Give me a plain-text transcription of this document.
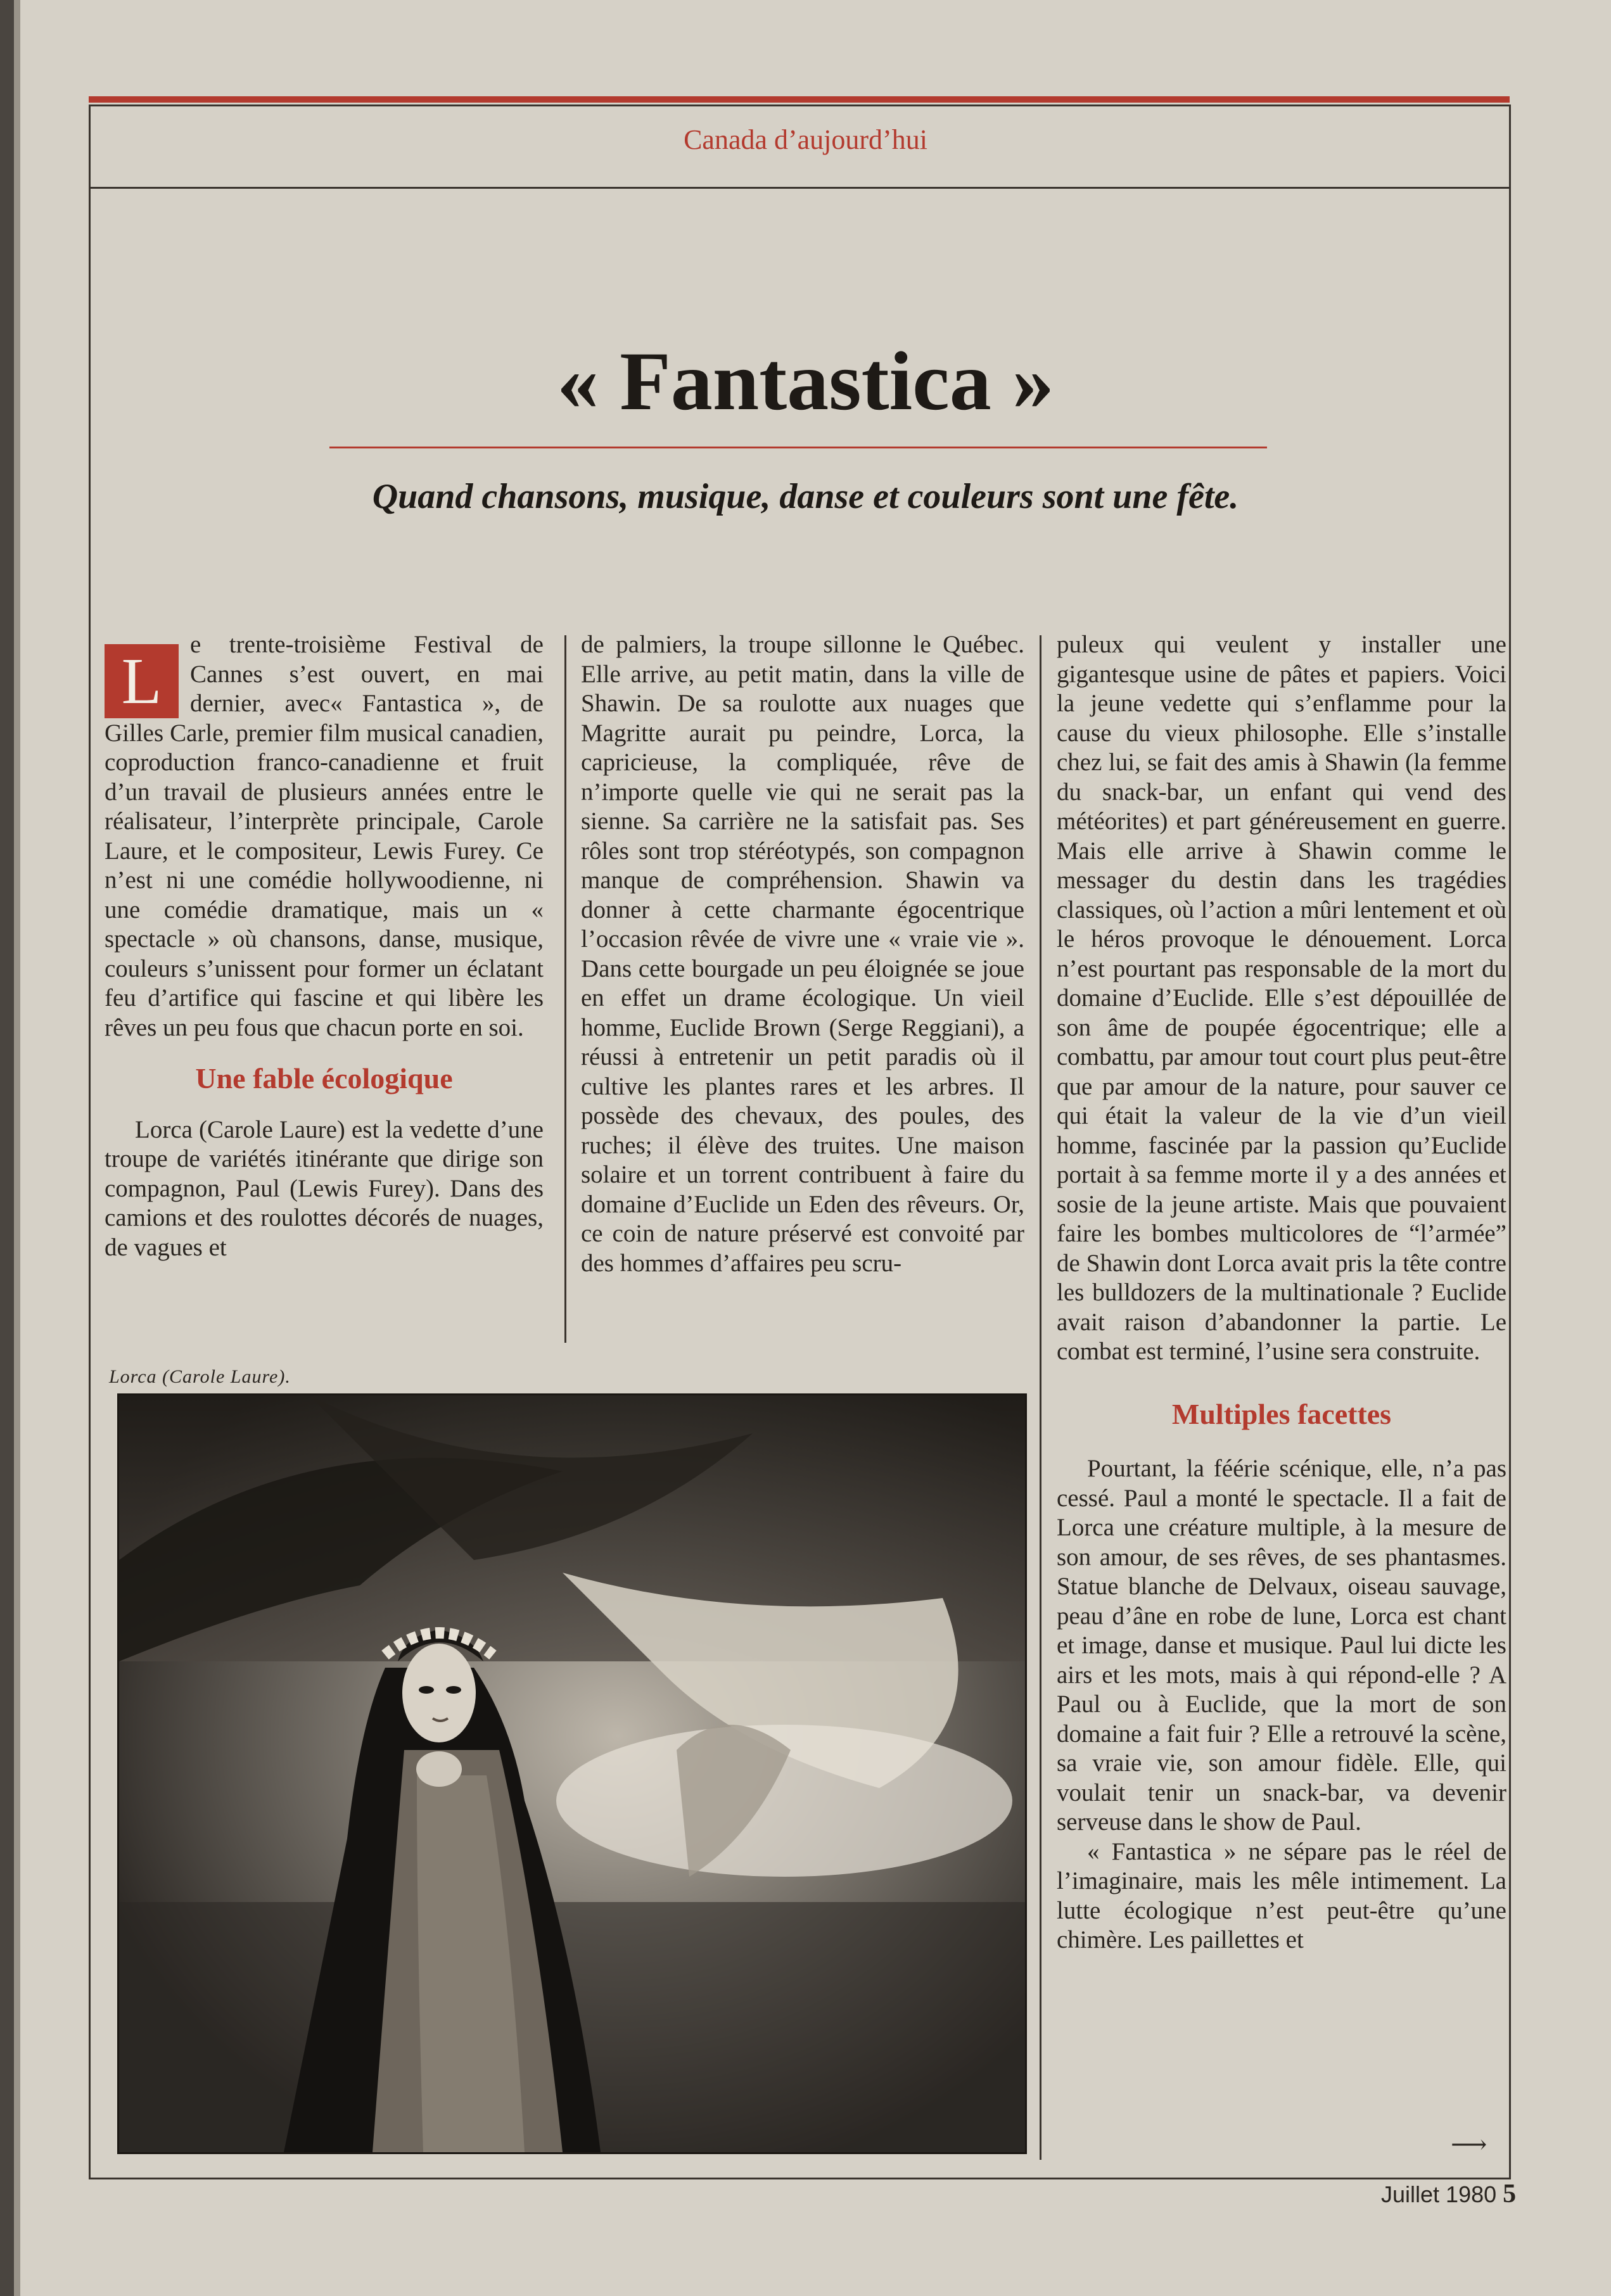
Canada d’aujourd’hui
« Fantastica »
Quand chansons, musique, danse et couleurs sont une fête.

L
e trente-troisième Festival de Cannes s’est ouvert, en mai dernier, avec« Fantastica », de Gilles Carle, premier film musical canadien, coproduction franco-canadienne et fruit d’un travail de plusieurs années entre le réalisateur, l’interprète principale, Carole Laure, et le compositeur, Lewis Furey. Ce n’est ni une comédie hollywoodienne, ni une comédie dramatique, mais un « spectacle » où chansons, danse, musique, couleurs s’unissent pour former un éclatant feu d’artifice qui fascine et qui libère les rêves un peu fous que chacun porte en soi.

Une fable écologique

Lorca (Carole Laure) est la vedette d’une troupe de variétés itinérante que dirige son compagnon, Paul (Lewis Furey). Dans des camions et des roulottes décorés de nuages, de vagues et

de palmiers, la troupe sillonne le Québec. Elle arrive, au petit matin, dans la ville de Shawin. De sa roulotte aux nuages que Magritte aurait pu peindre, Lorca, la capricieuse, la compliquée, rêve de n’importe quelle vie qui ne serait pas la sienne. Sa carrière ne la satisfait pas. Ses rôles sont trop stéréotypés, son compagnon manque de compréhension. Shawin va donner à cette charmante égocentrique l’occasion rêvée de vivre une « vraie vie ». Dans cette bourgade un peu éloignée se joue en effet un drame écologique. Un vieil homme, Euclide Brown (Serge Reggiani), a réussi à entretenir un petit paradis où il cultive les plantes rares et les arbres. Il possède des chevaux, des poules, des ruches; il élève des truites. Une maison solaire et un torrent contribuent à faire du domaine d’Euclide un Eden des rêveurs. Or, ce coin de nature préservé est convoité par des hommes d’affaires peu scru-

puleux qui veulent y installer une gigantesque usine de pâtes et papiers. Voici la jeune vedette qui s’enflamme pour la cause du vieux philosophe. Elle s’installe chez lui, se fait des amis à Shawin (la femme du snack-bar, un enfant qui vend des météorites) et part généreusement en guerre. Mais elle arrive à Shawin comme le messager du destin dans les tragédies classiques, où l’action a mûri lentement et où le héros provoque le dénouement. Lorca n’est pourtant pas responsable de la mort du domaine d’Euclide. Elle s’est dépouillée de son âme de poupée égocentrique; elle a combattu, par amour tout court plus peut-être que par amour de la nature, pour sauver ce qui était la valeur de la vie d’un vieil homme, fascinée par la passion qu’Euclide portait à sa femme morte il y a des années et sosie de la jeune artiste. Mais que pouvaient faire les bombes multicolores de “l’armée” de Shawin dont Lorca avait pris la tête contre les bulldozers de la multinationale ? Euclide avait raison d’abandonner la partie. Le combat est terminé, l’usine sera construite.

Multiples facettes

Pourtant, la féérie scénique, elle, n’a pas cessé. Paul a monté le spectacle. Il a fait de Lorca une créature multiple, à la mesure de son amour, de ses rêves, de ses phantasmes. Statue blanche de Delvaux, oiseau sauvage, peau d’âne en robe de lune, Lorca est chant et image, danse et musique. Paul lui dicte les airs et les mots, mais à qui répond-elle ? A Paul ou à Euclide, que la mort de son domaine a fait fuir ? Elle a retrouvé la scène, sa vraie vie, son amour fidèle. Elle, qui voulait tenir un snack-bar, va devenir serveuse dans le show de Paul.

« Fantastica » ne sépare pas le réel de l’imaginaire, mais les mêle intimement. La lutte écologique n’est peut-être qu’une chimère. Les paillettes et

Lorca (Carole Laure).
⟶
Juillet 1980 5
